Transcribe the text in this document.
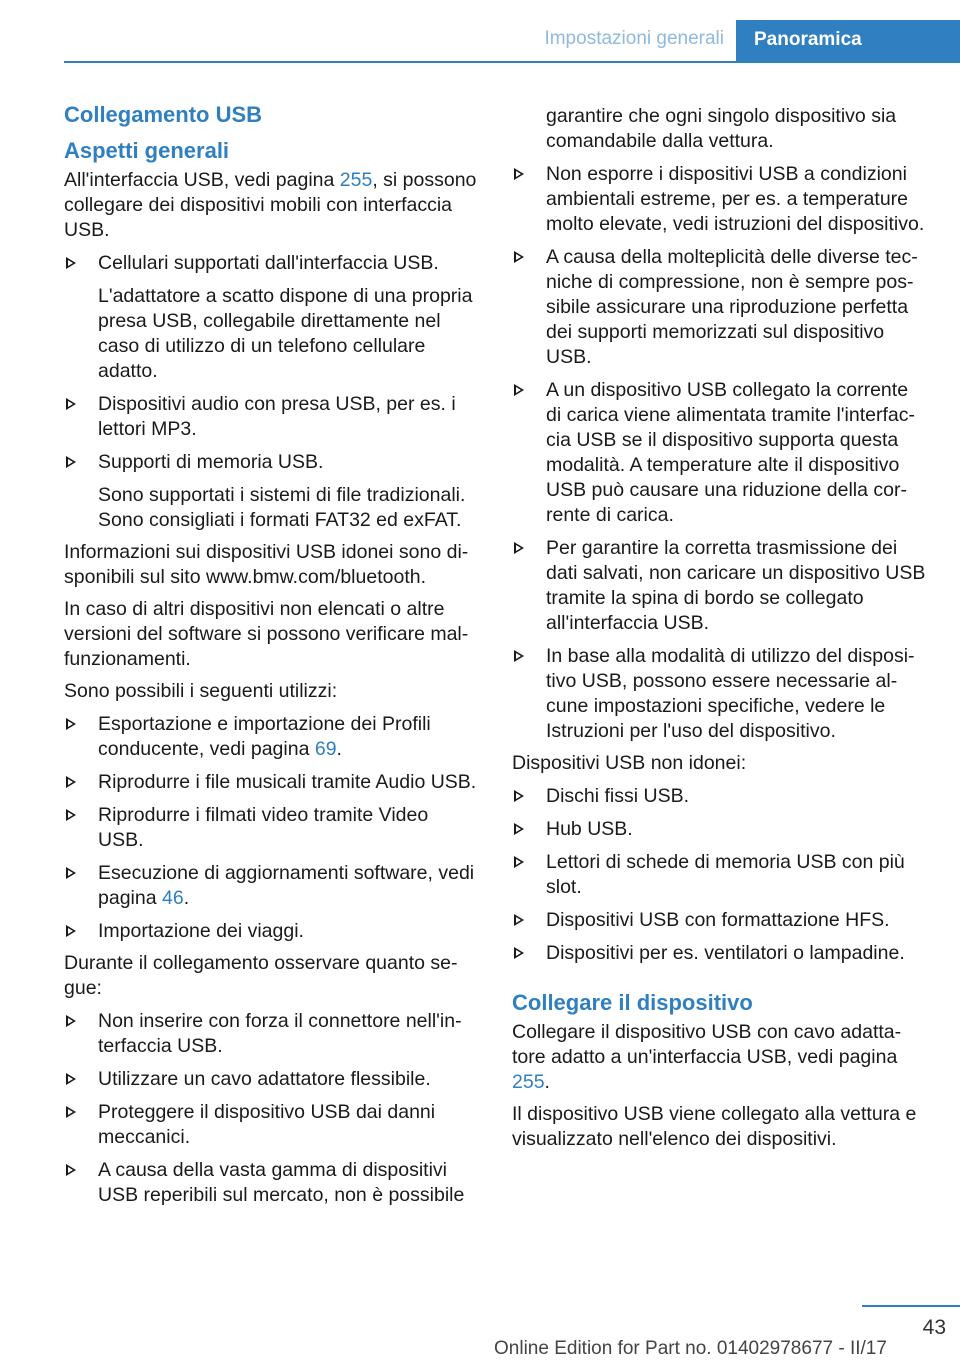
Impostazioni generali	Panoramica
Collegamento USB
Aspetti generali
All'interfaccia USB, vedi pagina 255, si possono collegare dei dispositivi mobili con interfaccia USB.
Cellulari supportati dall'interfaccia USB.
L'adattatore a scatto dispone di una propria presa USB, collegabile direttamente nel caso di utilizzo di un telefono cellulare adatto.
Dispositivi audio con presa USB, per es. i lettori MP3.
Supporti di memoria USB.
Sono supportati i sistemi di file tradizionali. Sono consigliati i formati FAT32 ed exFAT.
Informazioni sui dispositivi USB idonei sono disponibili sul sito www.bmw.com/bluetooth.
In caso di altri dispositivi non elencati o altre versioni del software si possono verificare malfunzionamenti.
Sono possibili i seguenti utilizzi:
Esportazione e importazione dei Profili conducente, vedi pagina 69.
Riprodurre i file musicali tramite Audio USB.
Riprodurre i filmati video tramite Video USB.
Esecuzione di aggiornamenti software, vedi pagina 46.
Importazione dei viaggi.
Durante il collegamento osservare quanto segue:
Non inserire con forza il connettore nell'interfaccia USB.
Utilizzare un cavo adattatore flessibile.
Proteggere il dispositivo USB dai danni meccanici.
A causa della vasta gamma di dispositivi USB reperibili sul mercato, non è possibile
garantire che ogni singolo dispositivo sia comandabile dalla vettura.
Non esporre i dispositivi USB a condizioni ambientali estreme, per es. a temperature molto elevate, vedi istruzioni del dispositivo.
A causa della molteplicità delle diverse tecniche di compressione, non è sempre possibile assicurare una riproduzione perfetta dei supporti memorizzati sul dispositivo USB.
A un dispositivo USB collegato la corrente di carica viene alimentata tramite l'interfaccia USB se il dispositivo supporta questa modalità. A temperature alte il dispositivo USB può causare una riduzione della corrente di carica.
Per garantire la corretta trasmissione dei dati salvati, non caricare un dispositivo USB tramite la spina di bordo se collegato all'interfaccia USB.
In base alla modalità di utilizzo del dispositivo USB, possono essere necessarie alcune impostazioni specifiche, vedere le Istruzioni per l'uso del dispositivo.
Dispositivi USB non idonei:
Dischi fissi USB.
Hub USB.
Lettori di schede di memoria USB con più slot.
Dispositivi USB con formattazione HFS.
Dispositivi per es. ventilatori o lampadine.
Collegare il dispositivo
Collegare il dispositivo USB con cavo adattatore adatto a un'interfaccia USB, vedi pagina 255.
Il dispositivo USB viene collegato alla vettura e visualizzato nell'elenco dei dispositivi.
43
Online Edition for Part no. 01402978677 - II/17
